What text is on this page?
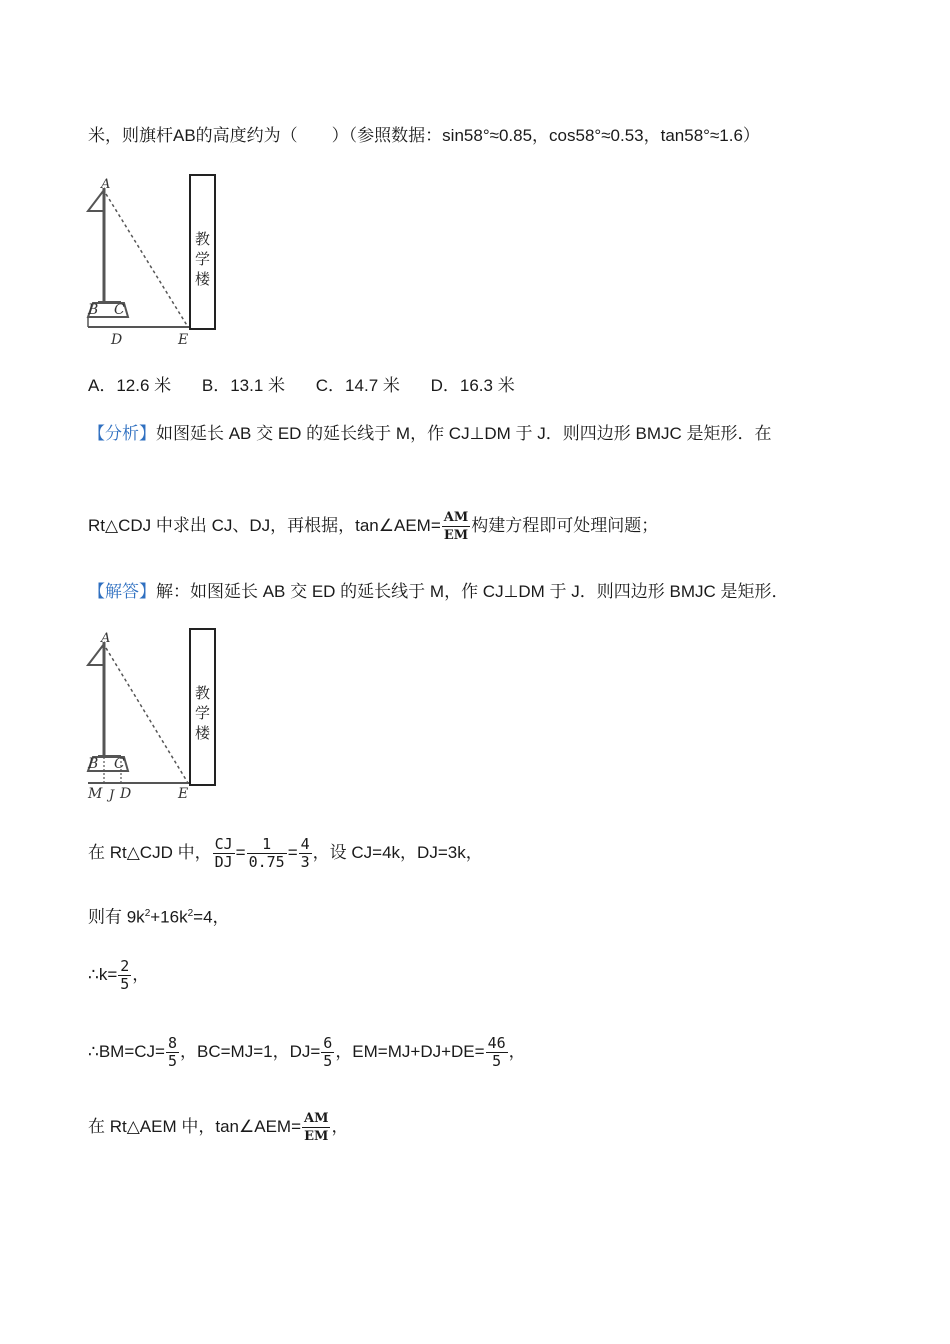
米，则旗杆AB的高度约为（　　）（参照数据：sin58°≈0.85，cos58°≈0.53，tan58°≈1.6）
教
学
楼
A
B C
D	E
A．12.6 米 B．13.1 米 C．14.7 米 D．16.3 米
【分析】如图延长 AB 交 ED 的延长线于 M，作 CJ⊥DM 于 J．则四边形 BMJC 是矩形．在
Rt△CDJ 中求出 CJ、DJ，再根据，tan∠AEM= $\frac{AM}{EM}$ 构建方程即可处理问题；
【解答】解：如图延长 AB 交 ED 的延长线于 M，作 CJ⊥DM 于 J．则四边形 BMJC 是矩形．
教
学
楼
A
B C
M J D	E
在 Rt△CJD 中， $\frac{CJ}{DJ} = \frac{1}{0.75} = \frac{4}{3}$ ，设 CJ=4k，DJ=3k，
则有 $9k^2+16k^2=4$，
∴k= $\frac{2}{5}$ ，
∴BM=CJ= $\frac{8}{5}$ ，BC=MJ=1，$DJ= \frac{6}{5}$ ，$EM=MJ+DJ+DE= \frac{46}{5}$ ，
在 Rt△AEM 中，tan∠AEM= $\frac{AM}{EM}$ ，
